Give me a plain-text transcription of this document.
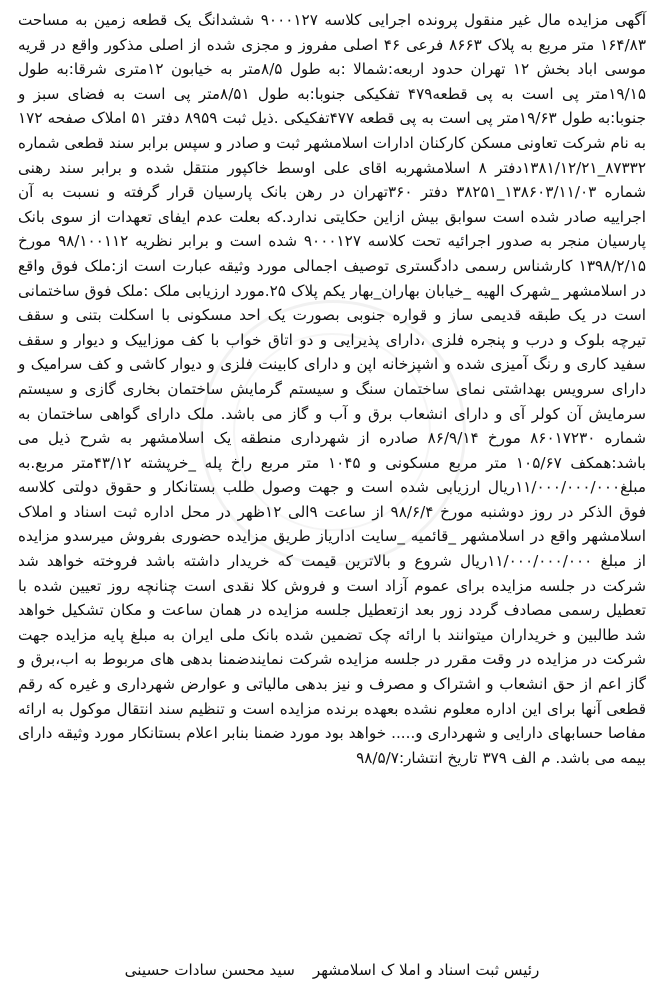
آگهی مزایده مال غیر منقول پرونده اجرایی کلاسه ۹۰۰۰۱۲۷ ششدانگ یک قطعه زمین به مساحت ۱۶۴/۸۳ متر مربع به پلاک ۸۶۶۳ فرعی ۴۶ اصلی مفروز و مجزی شده از اصلی مذکور واقع در قریه موسی اباد بخش ۱۲ تهران حدود اربعه:شمالا :به طول ۸/۵متر به خیابون ۱۲متری شرقا:به طول ۱۹/۱۵متر پی است به پی قطعه۴۷۹ تفکیکی جنوبا:به طول ۸/۵۱متر پی است به فضای سبز و جنوبا:به طول ۱۹/۶۳متر پی است به پی قطعه ۴۷۷تفکیکی .ذیل ثبت ۸۹۵۹ دفتر ۵۱ املاک صفحه ۱۷۲ به نام شرکت تعاونی مسکن کارکنان ادارات اسلامشهر ثبت و صادر و سپس برابر سند قطعی شماره ۸۷۳۳۲_۱۳۸۱/۱۲/۲۱دفتر ۸ اسلامشهربه اقای علی اوسط خاکپور منتقل شده و برابر سند رهنی شماره ۱۳۸۶۰۳/۱۱/۰۳_۳۸۲۵۱ دفتر ۳۶۰تهران در رهن بانک پارسیان قرار گرفته و نسبت به آن اجراییه صادر شده است سوابق بیش ازاین حکایتی ندارد.که بعلت عدم ایفای تعهدات از سوی بانک پارسیان منجر به صدور اجرائیه تحت کلاسه ۹۰۰۰۱۲۷ شده است و برابر نظریه ۹۸/۱۰۰۱۱۲ مورخ ۱۳۹۸/۲/۱۵ کارشناس رسمی دادگستری توصیف اجمالی مورد وثیقه عبارت است از:ملک فوق واقع در اسلامشهر _شهرک الهیه _خیابان بهاران_بهار یکم پلاک ۲۵.مورد ارزیابی ملک :ملک فوق ساختمانی است در یک طبقه قدیمی ساز و قواره جنوبی بصورت یک احد مسکونی با اسکلت بتنی و سقف تیرچه بلوک و درب و پنجره فلزی ،دارای پذیرایی و دو اتاق خواب با کف موزاییک و دیوار و سقف سفید کاری و رنگ آمیزی شده و اشپزخانه اپن و دارای کابینت فلزی و دیوار کاشی و کف سرامیک و دارای سرویس بهداشتی نمای ساختمان سنگ و سیستم گرمایش ساختمان بخاری گازی و سیستم سرمایش آن کولر آی و دارای انشعاب برق و آب و گاز می باشد. ملک دارای گواهی ساختمان به شماره ۸۶۰۱۷۲۳۰ مورخ ۸۶/۹/۱۴ صادره از شهرداری منطقه یک اسلامشهر به شرح ذیل می باشد:همکف ۱۰۵/۶۷ متر مربع مسکونی و ۱۰۴۵ متر مربع راخ پله _خرپشته ۴۳/۱۲متر مربع.به مبلغ۱۱/۰۰۰/۰۰۰/۰۰۰ریال ارزیابی شده است و جهت وصول طلب بستانکار و حقوق دولتی کلاسه فوق الذکر در روز دوشنبه مورخ ۹۸/۶/۴ از ساعت ۹الی ۱۲ظهر در محل اداره ثبت اسناد و املاک اسلامشهر واقع در اسلامشهر _قائمیه _سایت اداریاز طریق مزایده حضوری بفروش میرسدو مزایده از مبلغ ۱۱/۰۰۰/۰۰۰/۰۰۰ریال شروع و بالاترین قیمت که خریدار داشته باشد فروخته خواهد شد شرکت در جلسه مزایده برای عموم آزاد است و فروش کلا نقدی است چنانچه روز تعیین شده با تعطیل رسمی مصادف گردد زور بعد ازتعطیل جلسه مزایده در همان ساعت و مکان تشکیل خواهد شد طالبین و خریداران میتوانند با ارائه چک تضمین شده بانک ملی ایران به مبلغ پایه مزایده جهت شرکت در مزایده در وقت مقرر در جلسه مزایده شرکت نمایندضمنا بدهی های مربوط به اب،برق و گاز اعم از حق انشعاب و اشتراک و مصرف و نیز بدهی مالیاتی و عوارض شهرداری و غیره که رقم قطعی آنها برای این اداره معلوم نشده بعهده برنده مزایده است و تنظیم سند انتقال موکول به ارائه مفاصا حسابهای دارایی و شهرداری و..... خواهد بود مورد ضمنا بنابر اعلام بستانکار مورد وثیقه دارای بیمه می باشد. م الف ۳۷۹ تاریخ انتشار:۹۸/۵/۷

رئیس ثبت اسناد و املا ک اسلامشهرسید محسن سادات حسینی
